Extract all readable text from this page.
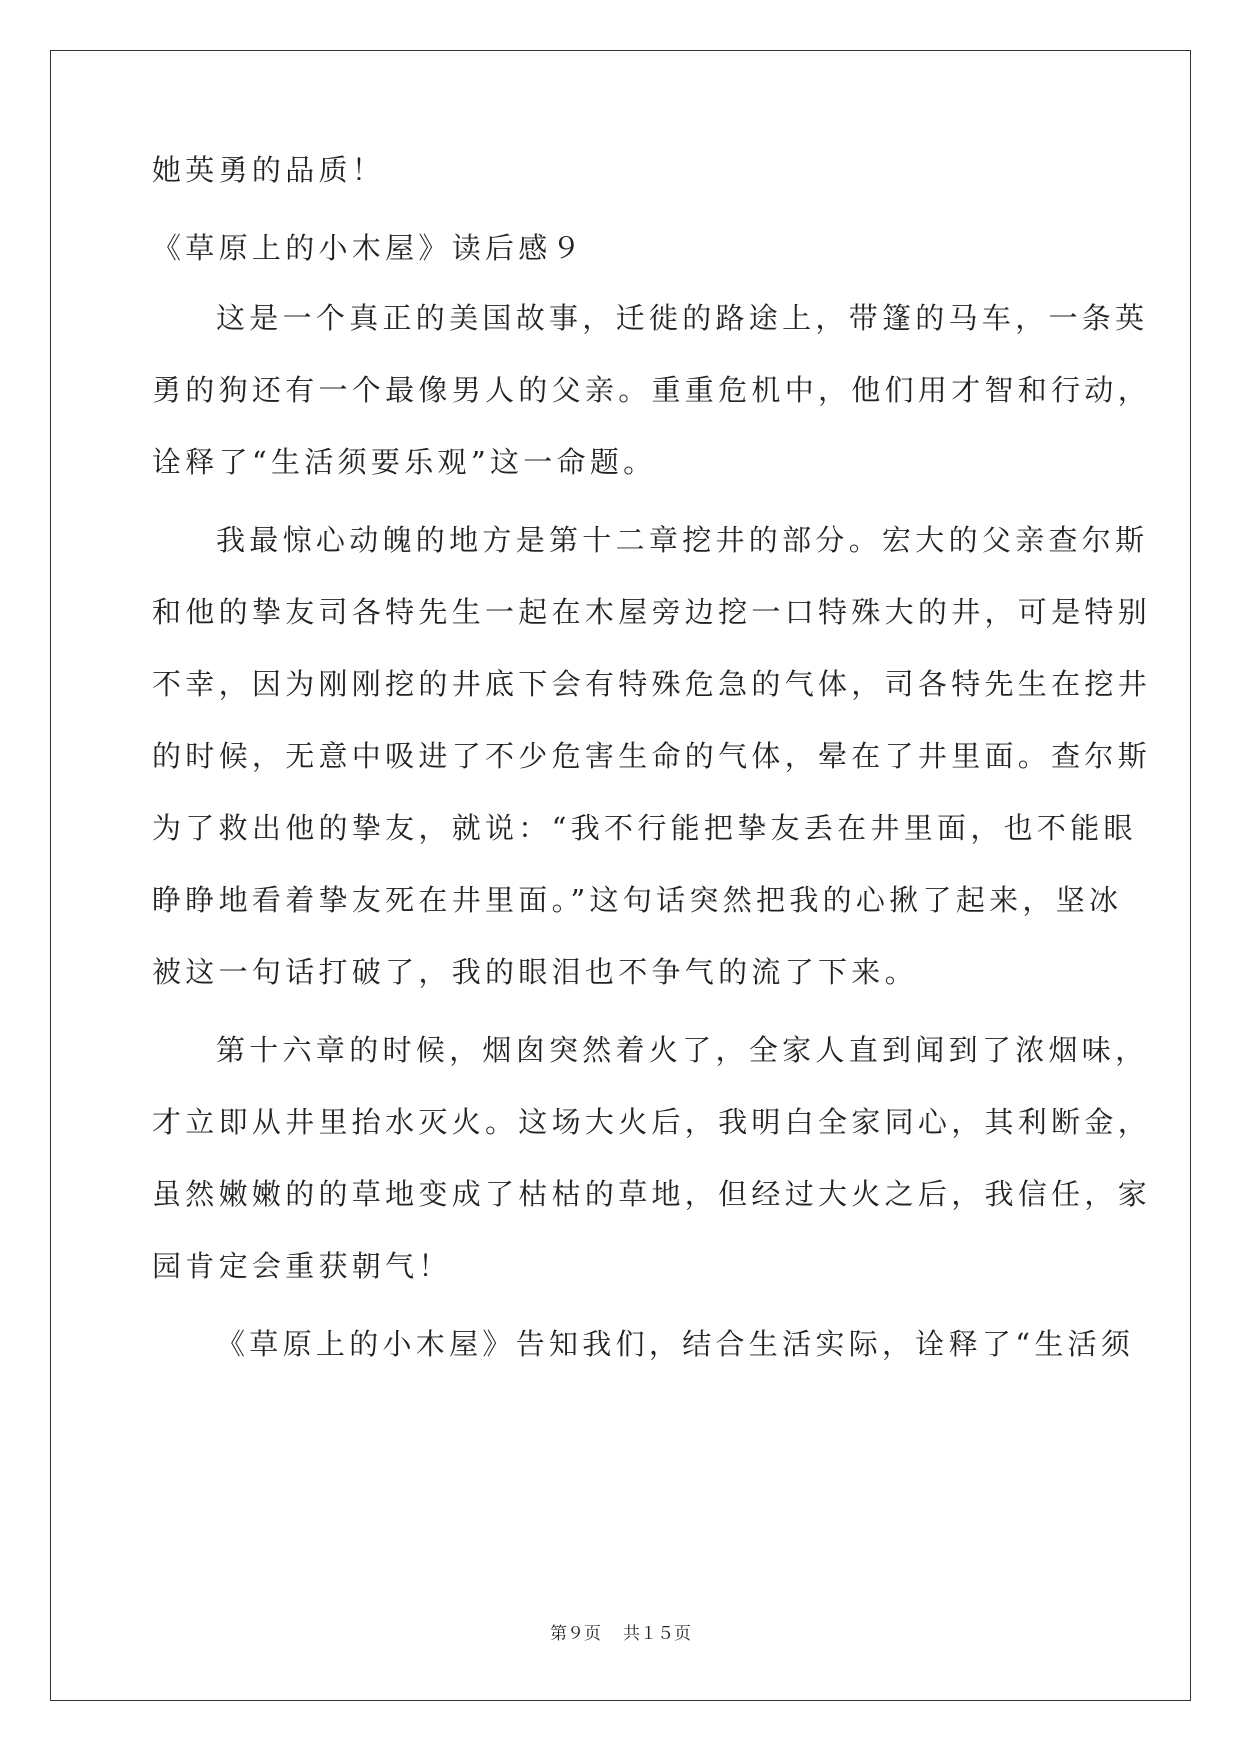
她英勇的品质！
《草原上的小木屋》读后感９
这是一个真正的美国故事，迁徙的路途上，带篷的马车，一条英
勇的狗还有一个最像男人的父亲。重重危机中，他们用才智和行动，
诠释了“生活须要乐观”这一命题。
我最惊心动魄的地方是第十二章挖井的部分。宏大的父亲查尔斯
和他的挚友司各特先生一起在木屋旁边挖一口特殊大的井，可是特别
不幸，因为刚刚挖的井底下会有特殊危急的气体，司各特先生在挖井
的时候，无意中吸进了不少危害生命的气体，晕在了井里面。查尔斯
为了救出他的挚友，就说：“我不行能把挚友丢在井里面，也不能眼
睁睁地看着挚友死在井里面。”这句话突然把我的心揪了起来，坚冰
被这一句话打破了，我的眼泪也不争气的流了下来。
第十六章的时候，烟囱突然着火了，全家人直到闻到了浓烟味，
才立即从井里抬水灭火。这场大火后，我明白全家同心，其利断金，
虽然嫩嫩的的草地变成了枯枯的草地，但经过大火之后，我信任，家
园肯定会重获朝气！
《草原上的小木屋》告知我们，结合生活实际，诠释了“生活须
第９页 共１５页
